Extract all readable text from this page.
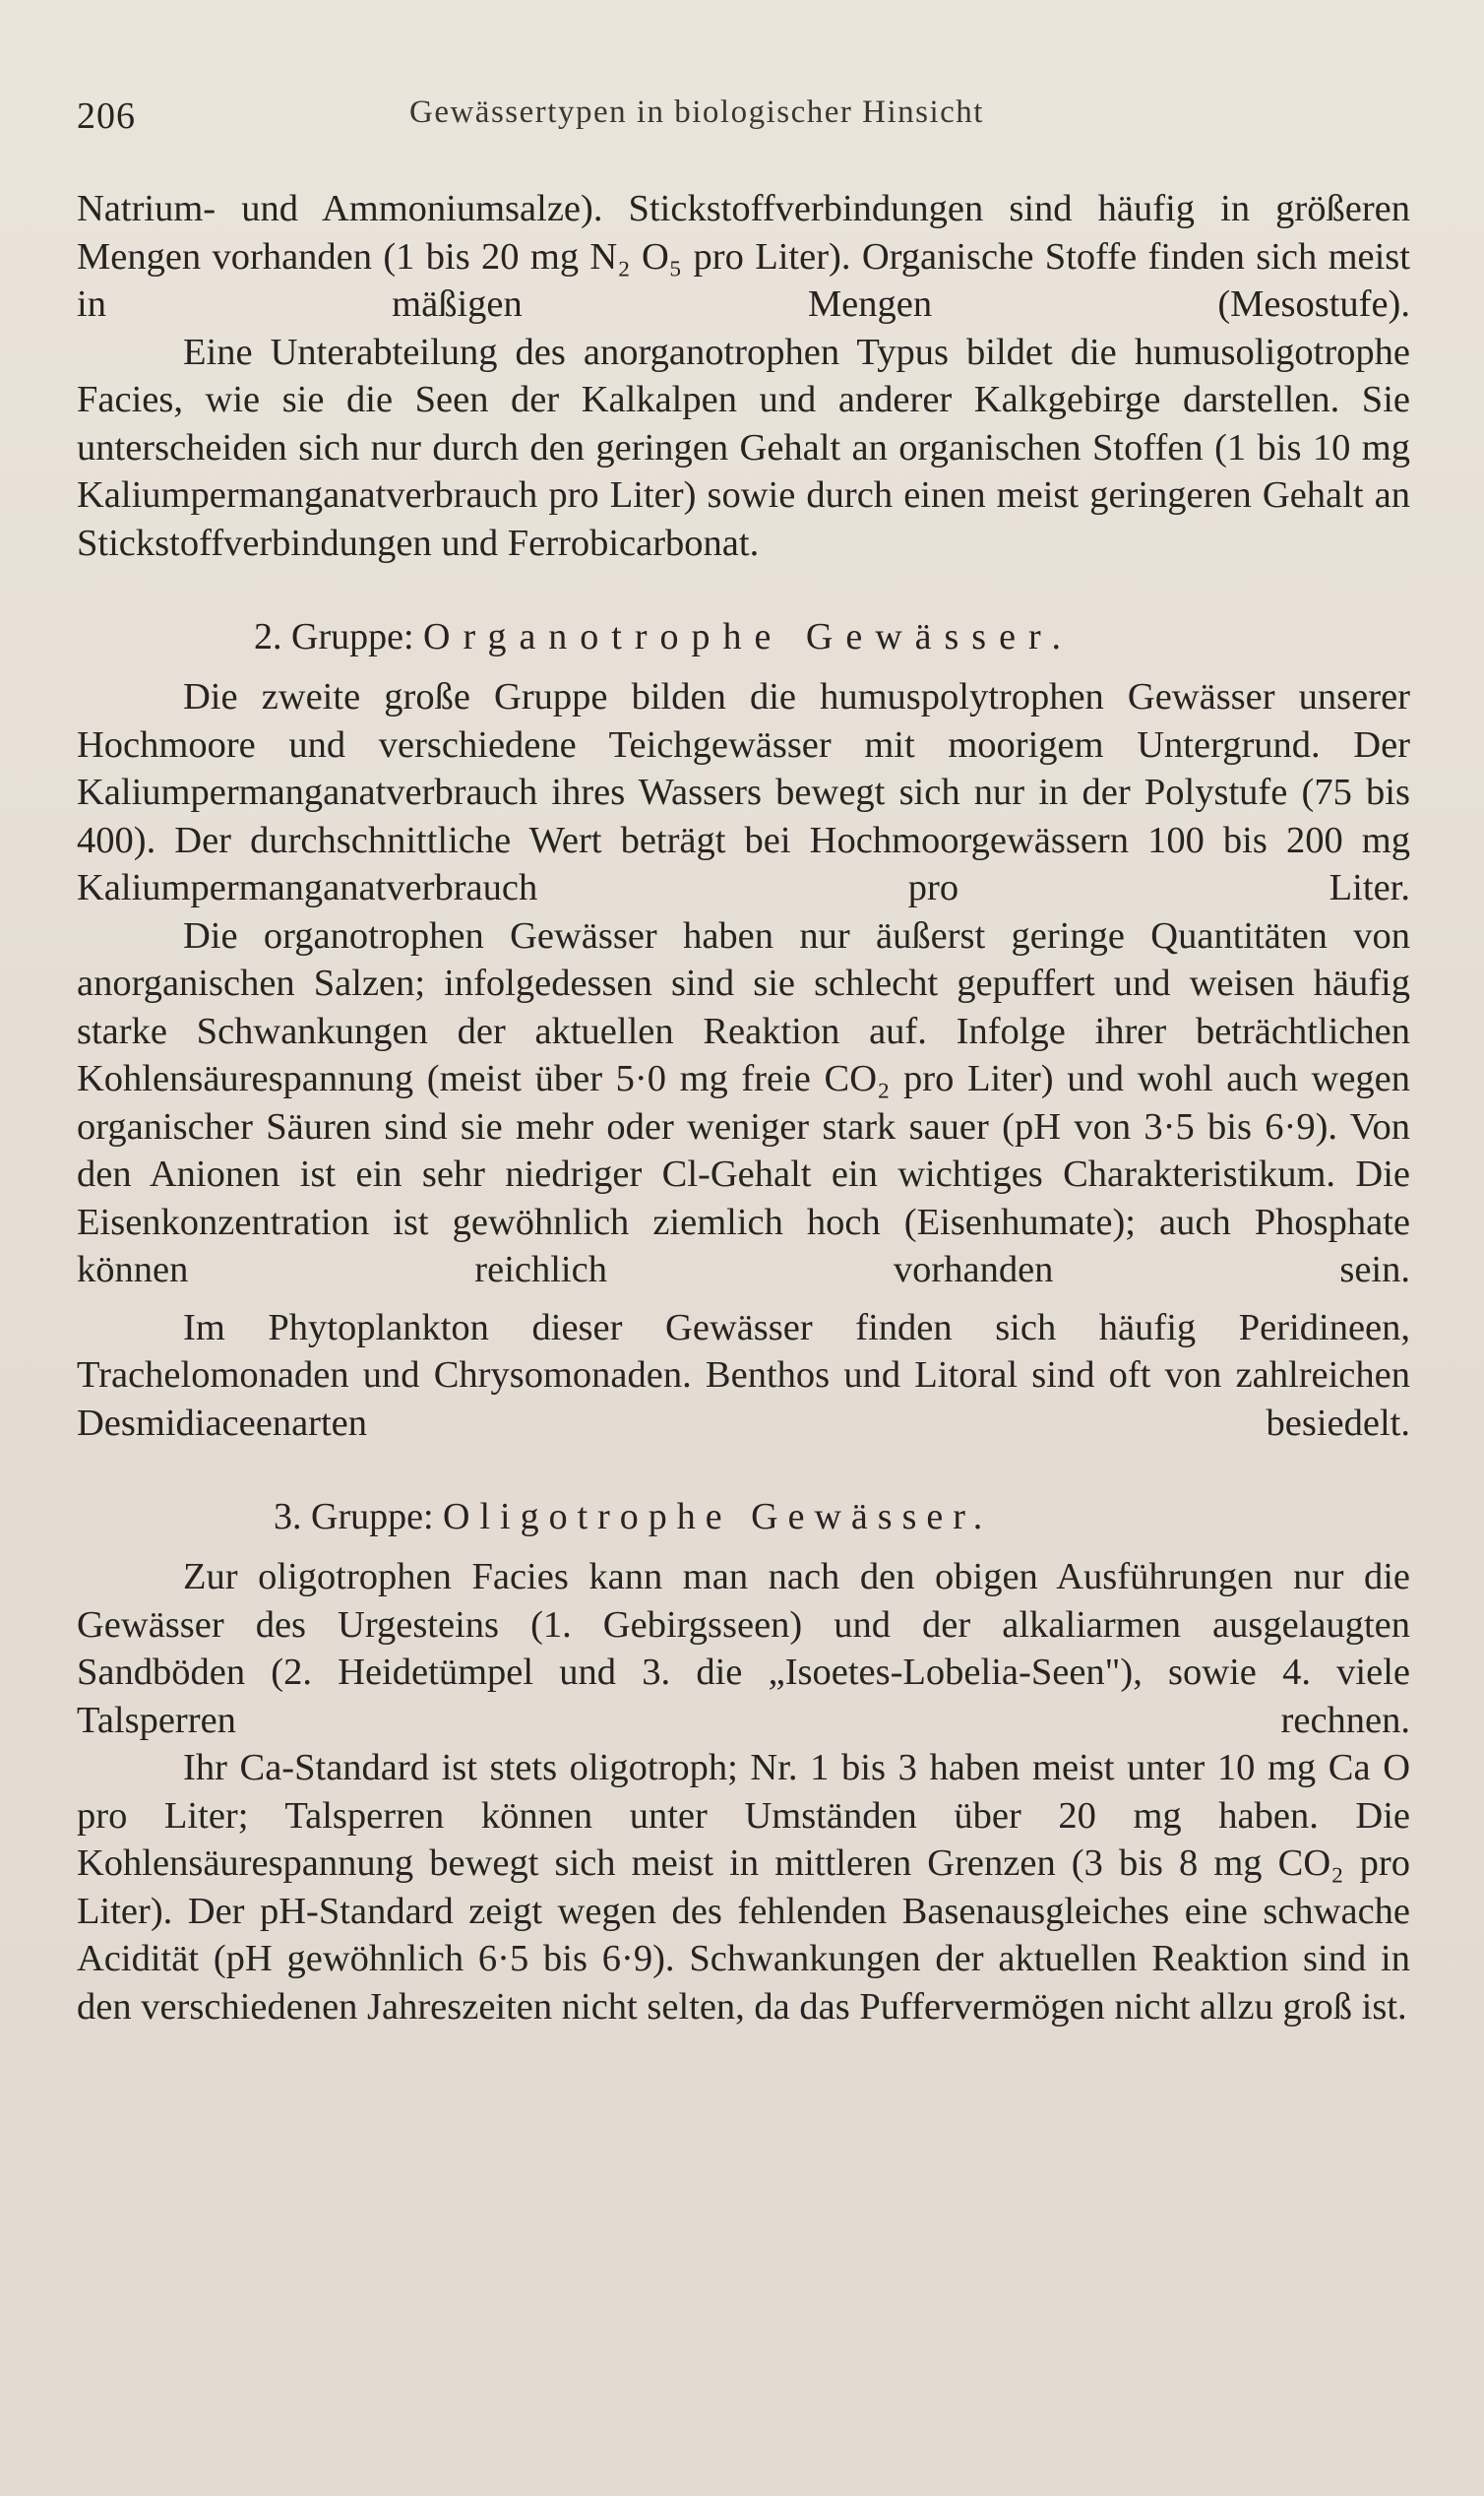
206	Gewässertypen in biologischer Hinsicht

Natrium- und Ammoniumsalze). Stickstoffverbindungen sind häufig in größeren Mengen vorhanden (1 bis 20 mg N₂ O₅ pro Liter). Organische Stoffe finden sich meist in mäßigen Mengen (Mesostufe).

Eine Unterabteilung des anorganotrophen Typus bildet die humusoligotrophe Facies, wie sie die Seen der Kalkalpen und anderer Kalkgebirge darstellen. Sie unterscheiden sich nur durch den geringen Gehalt an organischen Stoffen (1 bis 10 mg Kaliumpermanganatverbrauch pro Liter) sowie durch einen meist geringeren Gehalt an Stickstoffverbindungen und Ferrobicarbonat.

2. Gruppe: Organotrophe Gewässer.

Die zweite große Gruppe bilden die humuspolytrophen Gewässer unserer Hochmoore und verschiedene Teichgewässer mit moorigem Untergrund. Der Kaliumpermanganatverbrauch ihres Wassers bewegt sich nur in der Polystufe (75 bis 400). Der durchschnittliche Wert beträgt bei Hochmoorgewässern 100 bis 200 mg Kaliumpermanganatverbrauch pro Liter.

Die organotrophen Gewässer haben nur äußerst geringe Quantitäten von anorganischen Salzen; infolgedessen sind sie schlecht gepuffert und weisen häufig starke Schwankungen der aktuellen Reaktion auf. Infolge ihrer beträchtlichen Kohlensäurespannung (meist über 5·0 mg freie CO₂ pro Liter) und wohl auch wegen organischer Säuren sind sie mehr oder weniger stark sauer (pH von 3·5 bis 6·9). Von den Anionen ist ein sehr niedriger Cl-Gehalt ein wichtiges Charakteristikum. Die Eisenkonzentration ist gewöhnlich ziemlich hoch (Eisenhumate); auch Phosphate können reichlich vorhanden sein.

Im Phytoplankton dieser Gewässer finden sich häufig Peridineen, Trachelomonaden und Chrysomonaden. Benthos und Litoral sind oft von zahlreichen Desmidiaceenarten besiedelt.

3. Gruppe: Oligotrophe Gewässer.

Zur oligotrophen Facies kann man nach den obigen Ausführungen nur die Gewässer des Urgesteins (1. Gebirgsseen) und der alkaliarmen ausgelaugten Sandböden (2. Heidetümpel und 3. die „Isoetes-Lobelia-Seen"), sowie 4. viele Talsperren rechnen.

Ihr Ca-Standard ist stets oligotroph; Nr. 1 bis 3 haben meist unter 10 mg Ca O pro Liter; Talsperren können unter Umständen über 20 mg haben. Die Kohlensäurespannung bewegt sich meist in mittleren Grenzen (3 bis 8 mg CO₂ pro Liter). Der pH-Standard zeigt wegen des fehlenden Basenausgleiches eine schwache Acidität (pH gewöhnlich 6·5 bis 6·9). Schwankungen der aktuellen Reaktion sind in den verschiedenen Jahreszeiten nicht selten, da das Puffervermögen nicht allzu groß ist.
